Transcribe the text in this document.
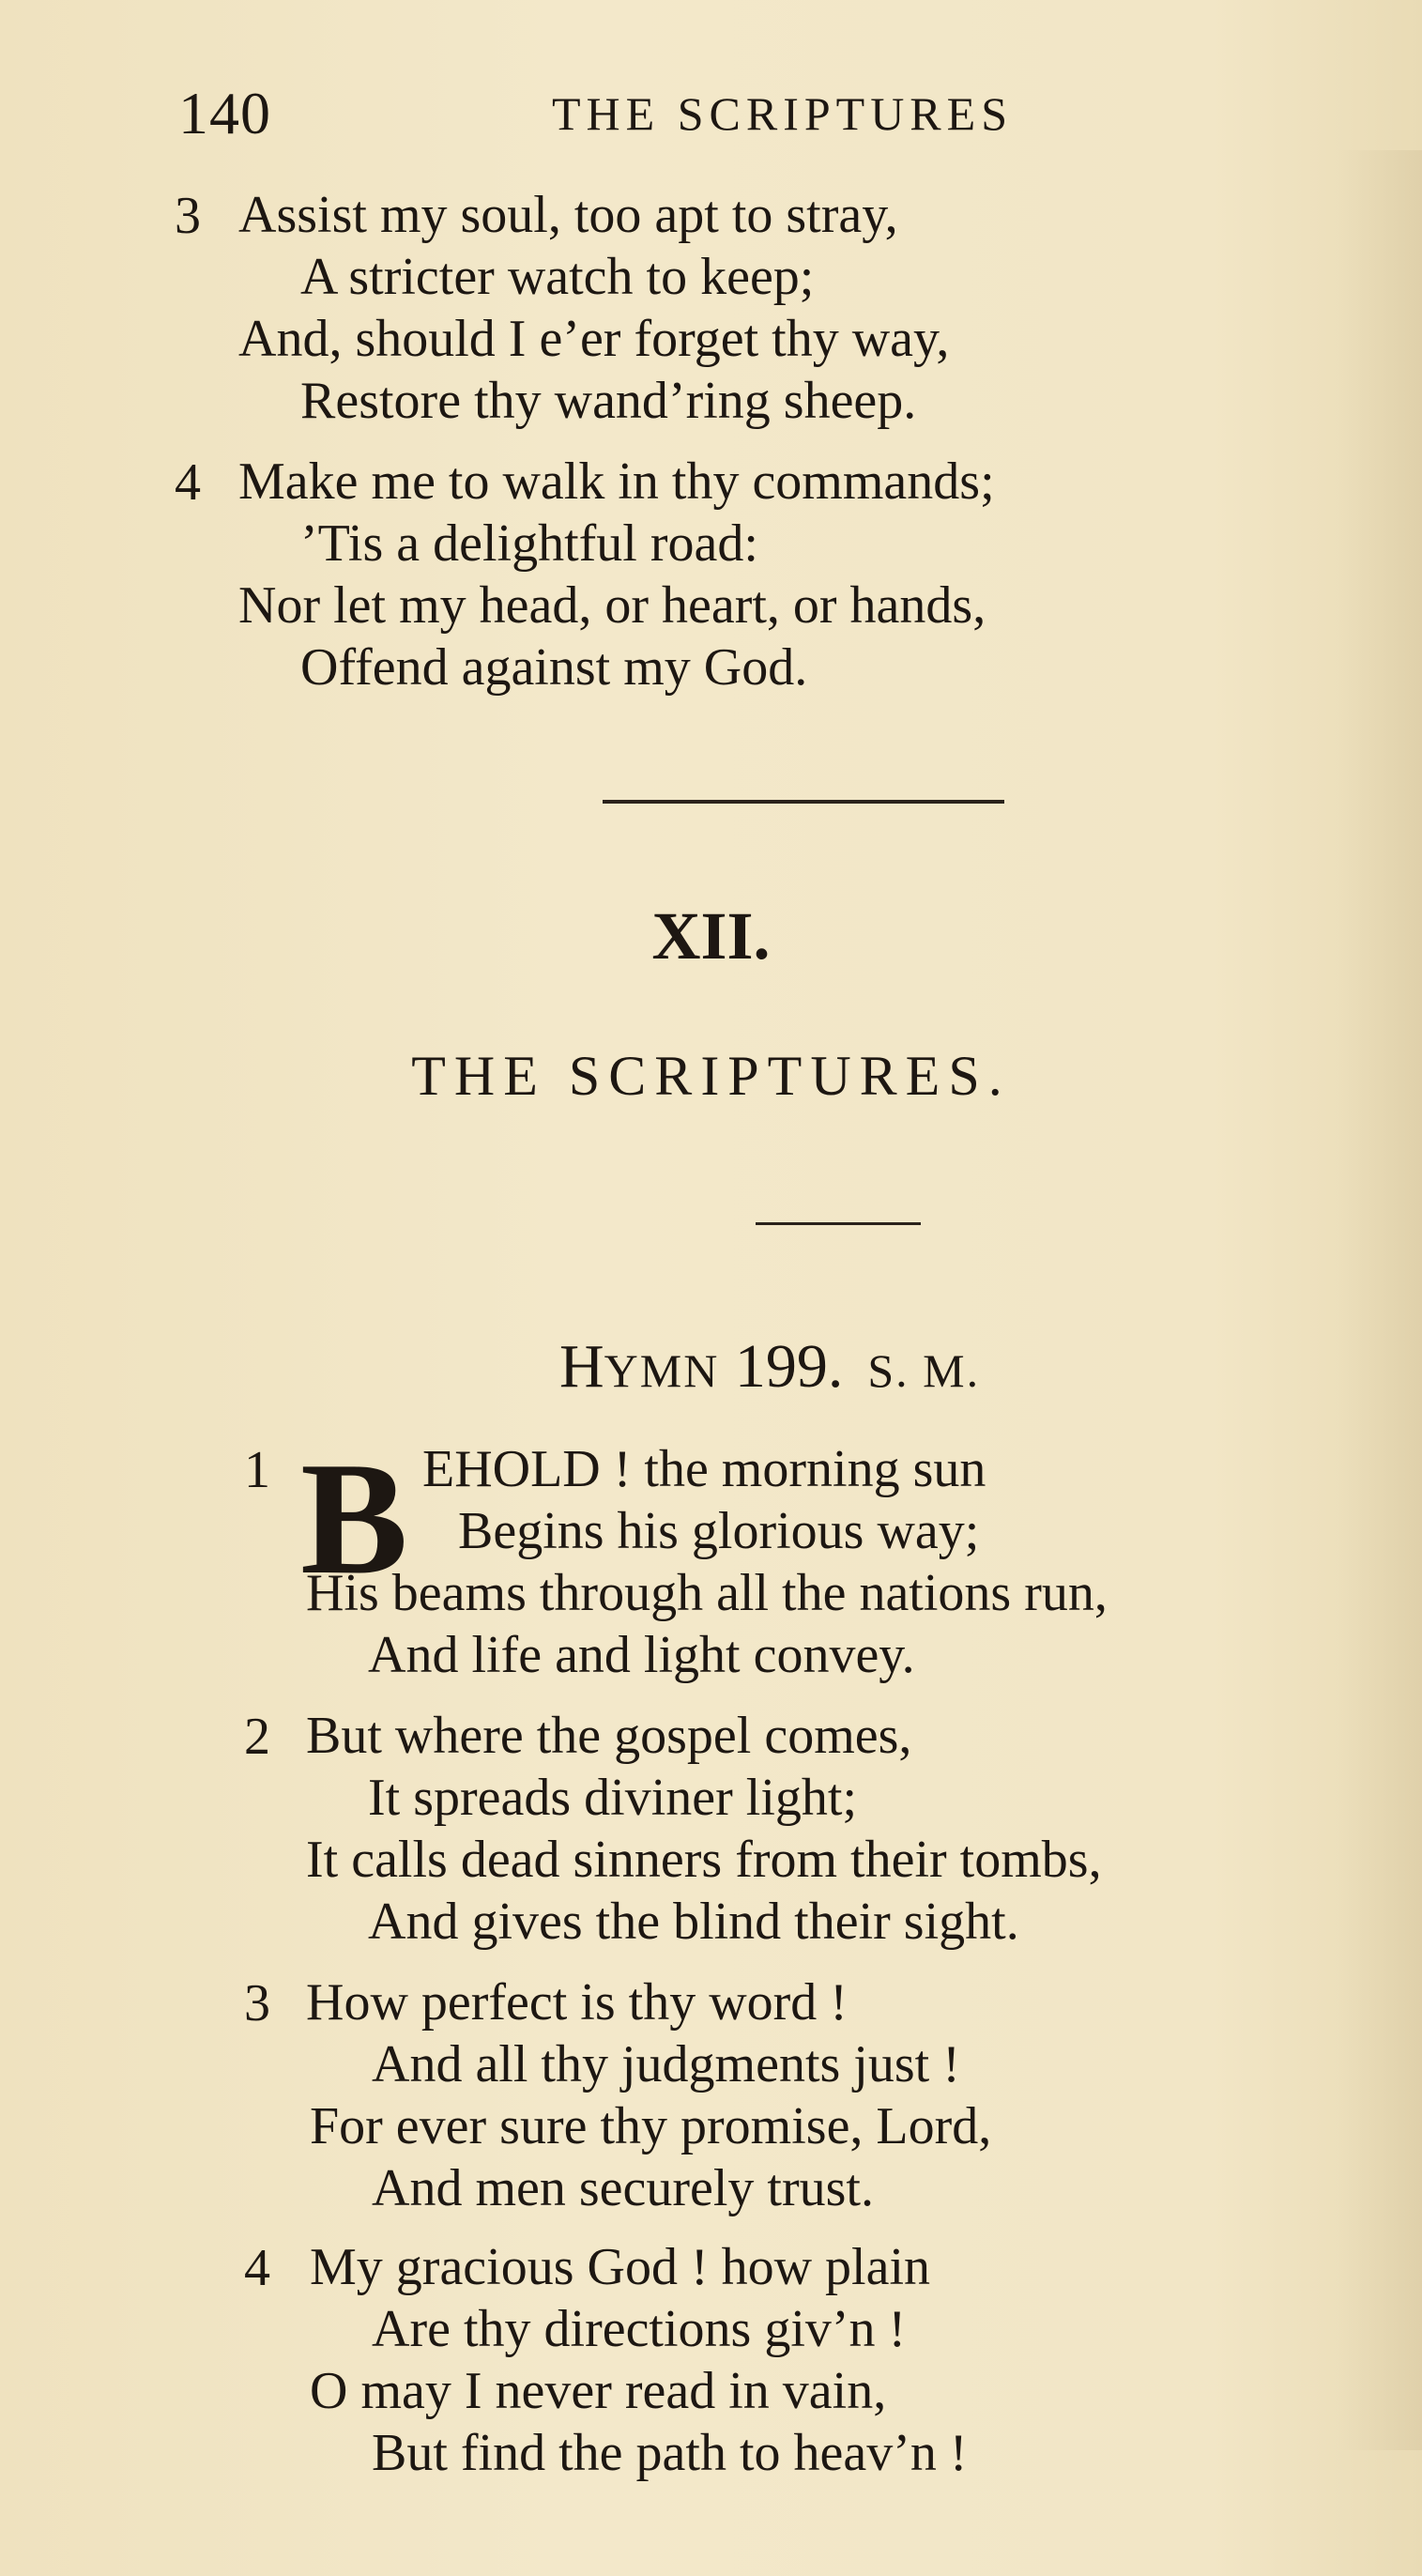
140	THE SCRIPTURES
3 Assist my soul, too apt to stray,
A stricter watch to keep;
And, should I e’er forget thy way,
Restore thy wand’ring sheep.
4 Make me to walk in thy commands;
’Tis a delightful road:
Nor let my head, or heart, or hands,
Offend against my God.
XII.
THE SCRIPTURES.
HYMN 199. S. M.
1 B EHOLD ! the morning sun
Begins his glorious way;
His beams through all the nations run,
And life and light convey.
2 But where the gospel comes,
It spreads diviner light;
It calls dead sinners from their tombs,
And gives the blind their sight.
3 How perfect is thy word !
And all thy judgments just !
For ever sure thy promise, Lord,
And men securely trust.
4 My gracious God ! how plain
Are thy directions giv’n !
O may I never read in vain,
But find the path to heav’n !
